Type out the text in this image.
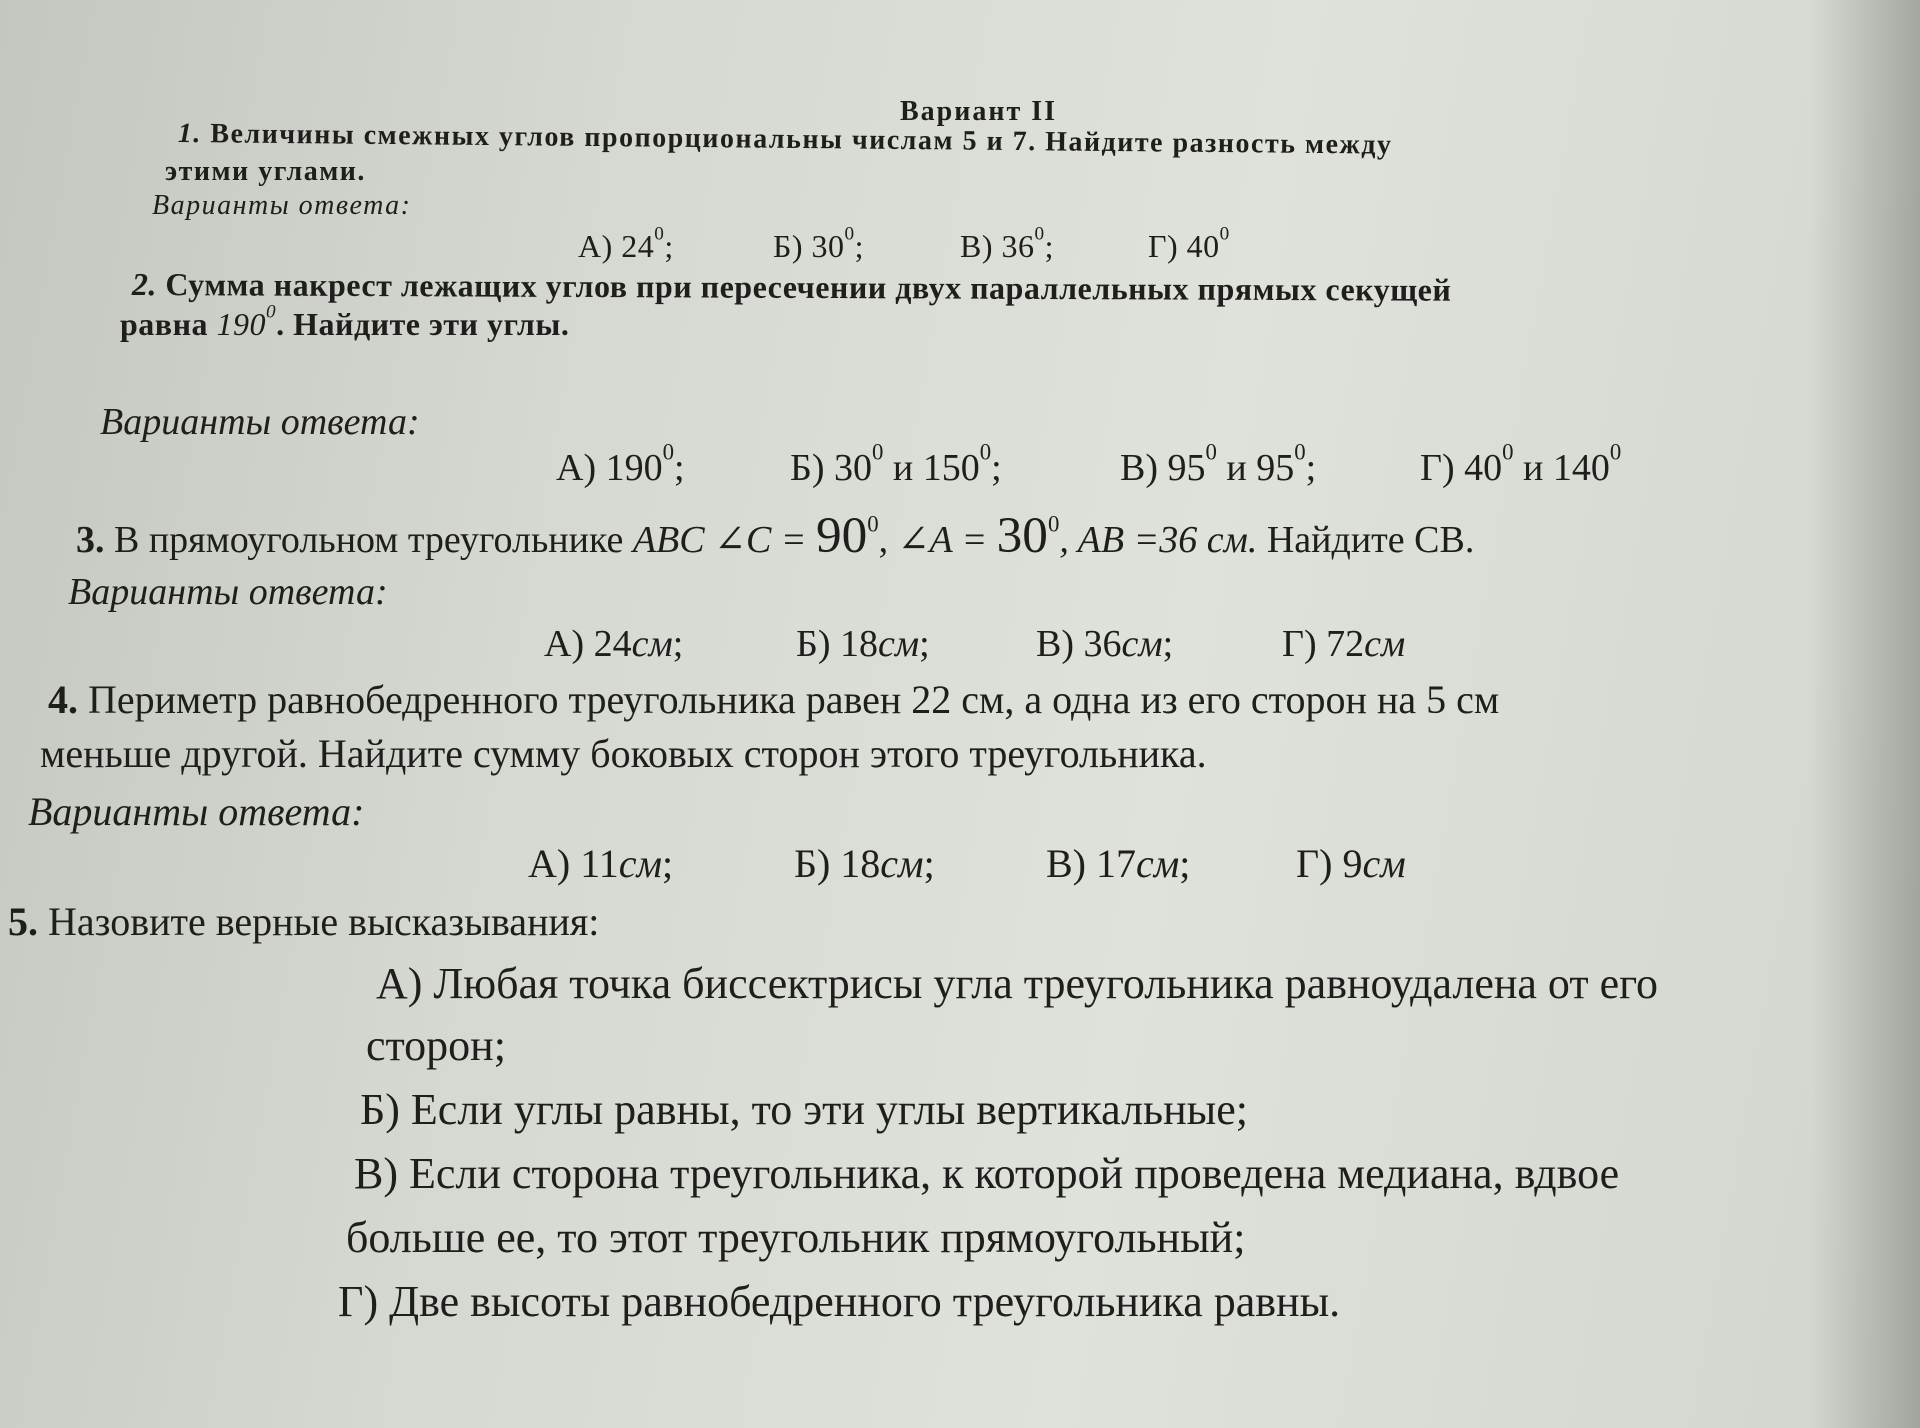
Вариант II
1. Величины смежных углов пропорциональны числам 5 и 7. Найдите разность между
этими углами.
Варианты ответа:
А) $24^0$;	Б) $30^0$;	В) $36^0$;	Г) $40^0$
2. Сумма накрест лежащих углов при пересечении двух параллельных прямых секущей
равна $190^0$. Найдите эти углы.
Варианты ответа:
А) $190^0$;	Б) $30^0$ и $150^0$;	В) $95^0$ и $95^0$;	Г) $40^0$ и $140^0$
3. В прямоугольном треугольнике ABC ∠C = $90^0$, ∠A = $30^0$, AB =36 см. Найдите СВ.
Варианты ответа:
А) 24см;	Б) 18см;	В) 36см;	Г) 72см
4. Периметр равнобедренного треугольника равен 22 см, а одна из его сторон на 5 см
меньше другой. Найдите сумму боковых сторон этого треугольника.
Варианты ответа:
А) 11см;	Б) 18см;	В) 17см;	Г) 9см
5. Назовите верные высказывания:
А) Любая точка биссектрисы угла треугольника равноудалена от его
сторон;
Б) Если углы равны, то эти углы вертикальные;
В) Если сторона треугольника, к которой проведена медиана, вдвое
больше ее, то этот треугольник прямоугольный;
Г) Две высоты равнобедренного треугольника равны.
